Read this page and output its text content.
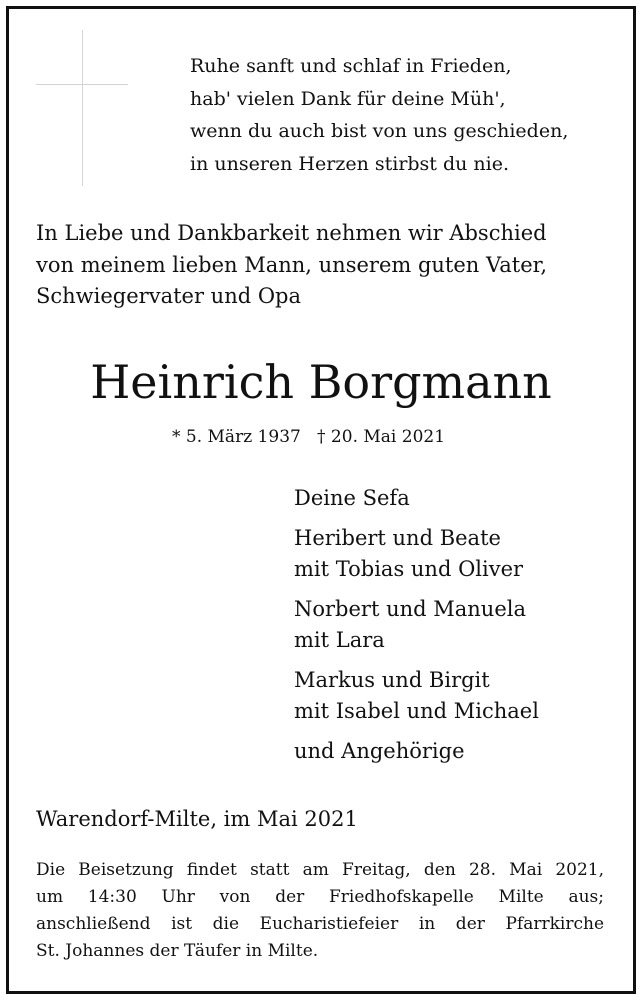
Ruhe sanft und schlaf in Frieden,
hab' vielen Dank für deine Müh',
wenn du auch bist von uns geschieden,
in unseren Herzen stirbst du nie.
In Liebe und Dankbarkeit nehmen wir Abschied
von meinem lieben Mann, unserem guten Vater,
Schwiegervater und Opa
Heinrich Borgmann
* 5. März 1937   † 20. Mai 2021
Deine Sefa
Heribert und Beate
mit Tobias und Oliver
Norbert und Manuela
mit Lara
Markus und Birgit
mit Isabel und Michael
und Angehörige
Warendorf-Milte, im Mai 2021
Die Beisetzung findet statt am Freitag, den 28. Mai 2021,
um 14:30 Uhr von der Friedhofskapelle Milte aus;
anschließend ist die Eucharistiefeier in der Pfarrkirche
St. Johannes der Täufer in Milte.
